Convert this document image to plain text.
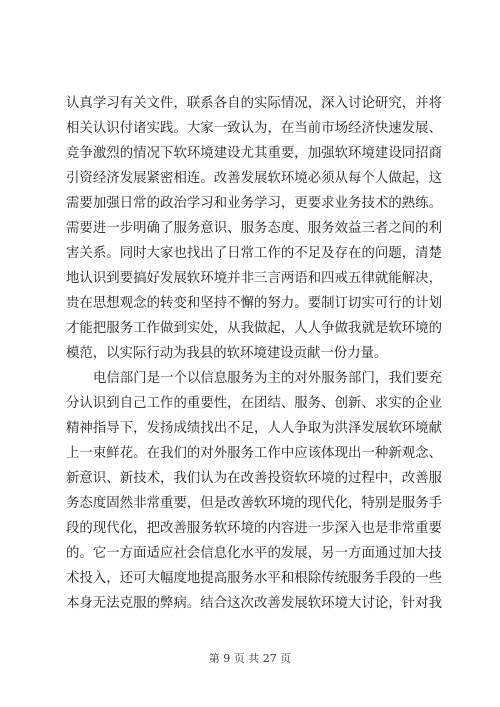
认真学习有关文件，联系各自的实际情况，深入讨论研究，并将
相关认识付诸实践。大家一致认为，在当前市场经济快速发展、
竞争激烈的情况下软环境建设尤其重要，加强软环境建设同招商
引资经济发展紧密相连。改善发展软环境必须从每个人做起，这
需要加强日常的政治学习和业务学习，更要求业务技术的熟练。
需要进一步明确了服务意识、服务态度、服务效益三者之间的利
害关系。同时大家也找出了日常工作的不足及存在的问题，清楚
地认识到要搞好发展软环境并非三言两语和四戒五律就能解决，
贵在思想观念的转变和坚持不懈的努力。要制订切实可行的计划
才能把服务工作做到实处，从我做起，人人争做我就是软环境的
模范，以实际行动为我县的软环境建设贡献一份力量。
电信部门是一个以信息服务为主的对外服务部门，我们要充
分认识到自己工作的重要性，在团结、服务、创新、求实的企业
精神指导下，发扬成绩找出不足，人人争取为洪泽发展软环境献
上一束鲜花。在我们的对外服务工作中应该体现出一种新观念、
新意识、新技术，我们认为在改善投资软环境的过程中，改善服
务态度固然非常重要，但是改善软环境的现代化，特别是服务手
段的现代化，把改善服务软环境的内容进一步深入也是非常重要
的。它一方面适应社会信息化水平的发展，另一方面通过加大技
术投入，还可大幅度地提高服务水平和根除传统服务手段的一些
本身无法克服的弊病。结合这次改善发展软环境大讨论，针对我
第 9 页 共 27 页
